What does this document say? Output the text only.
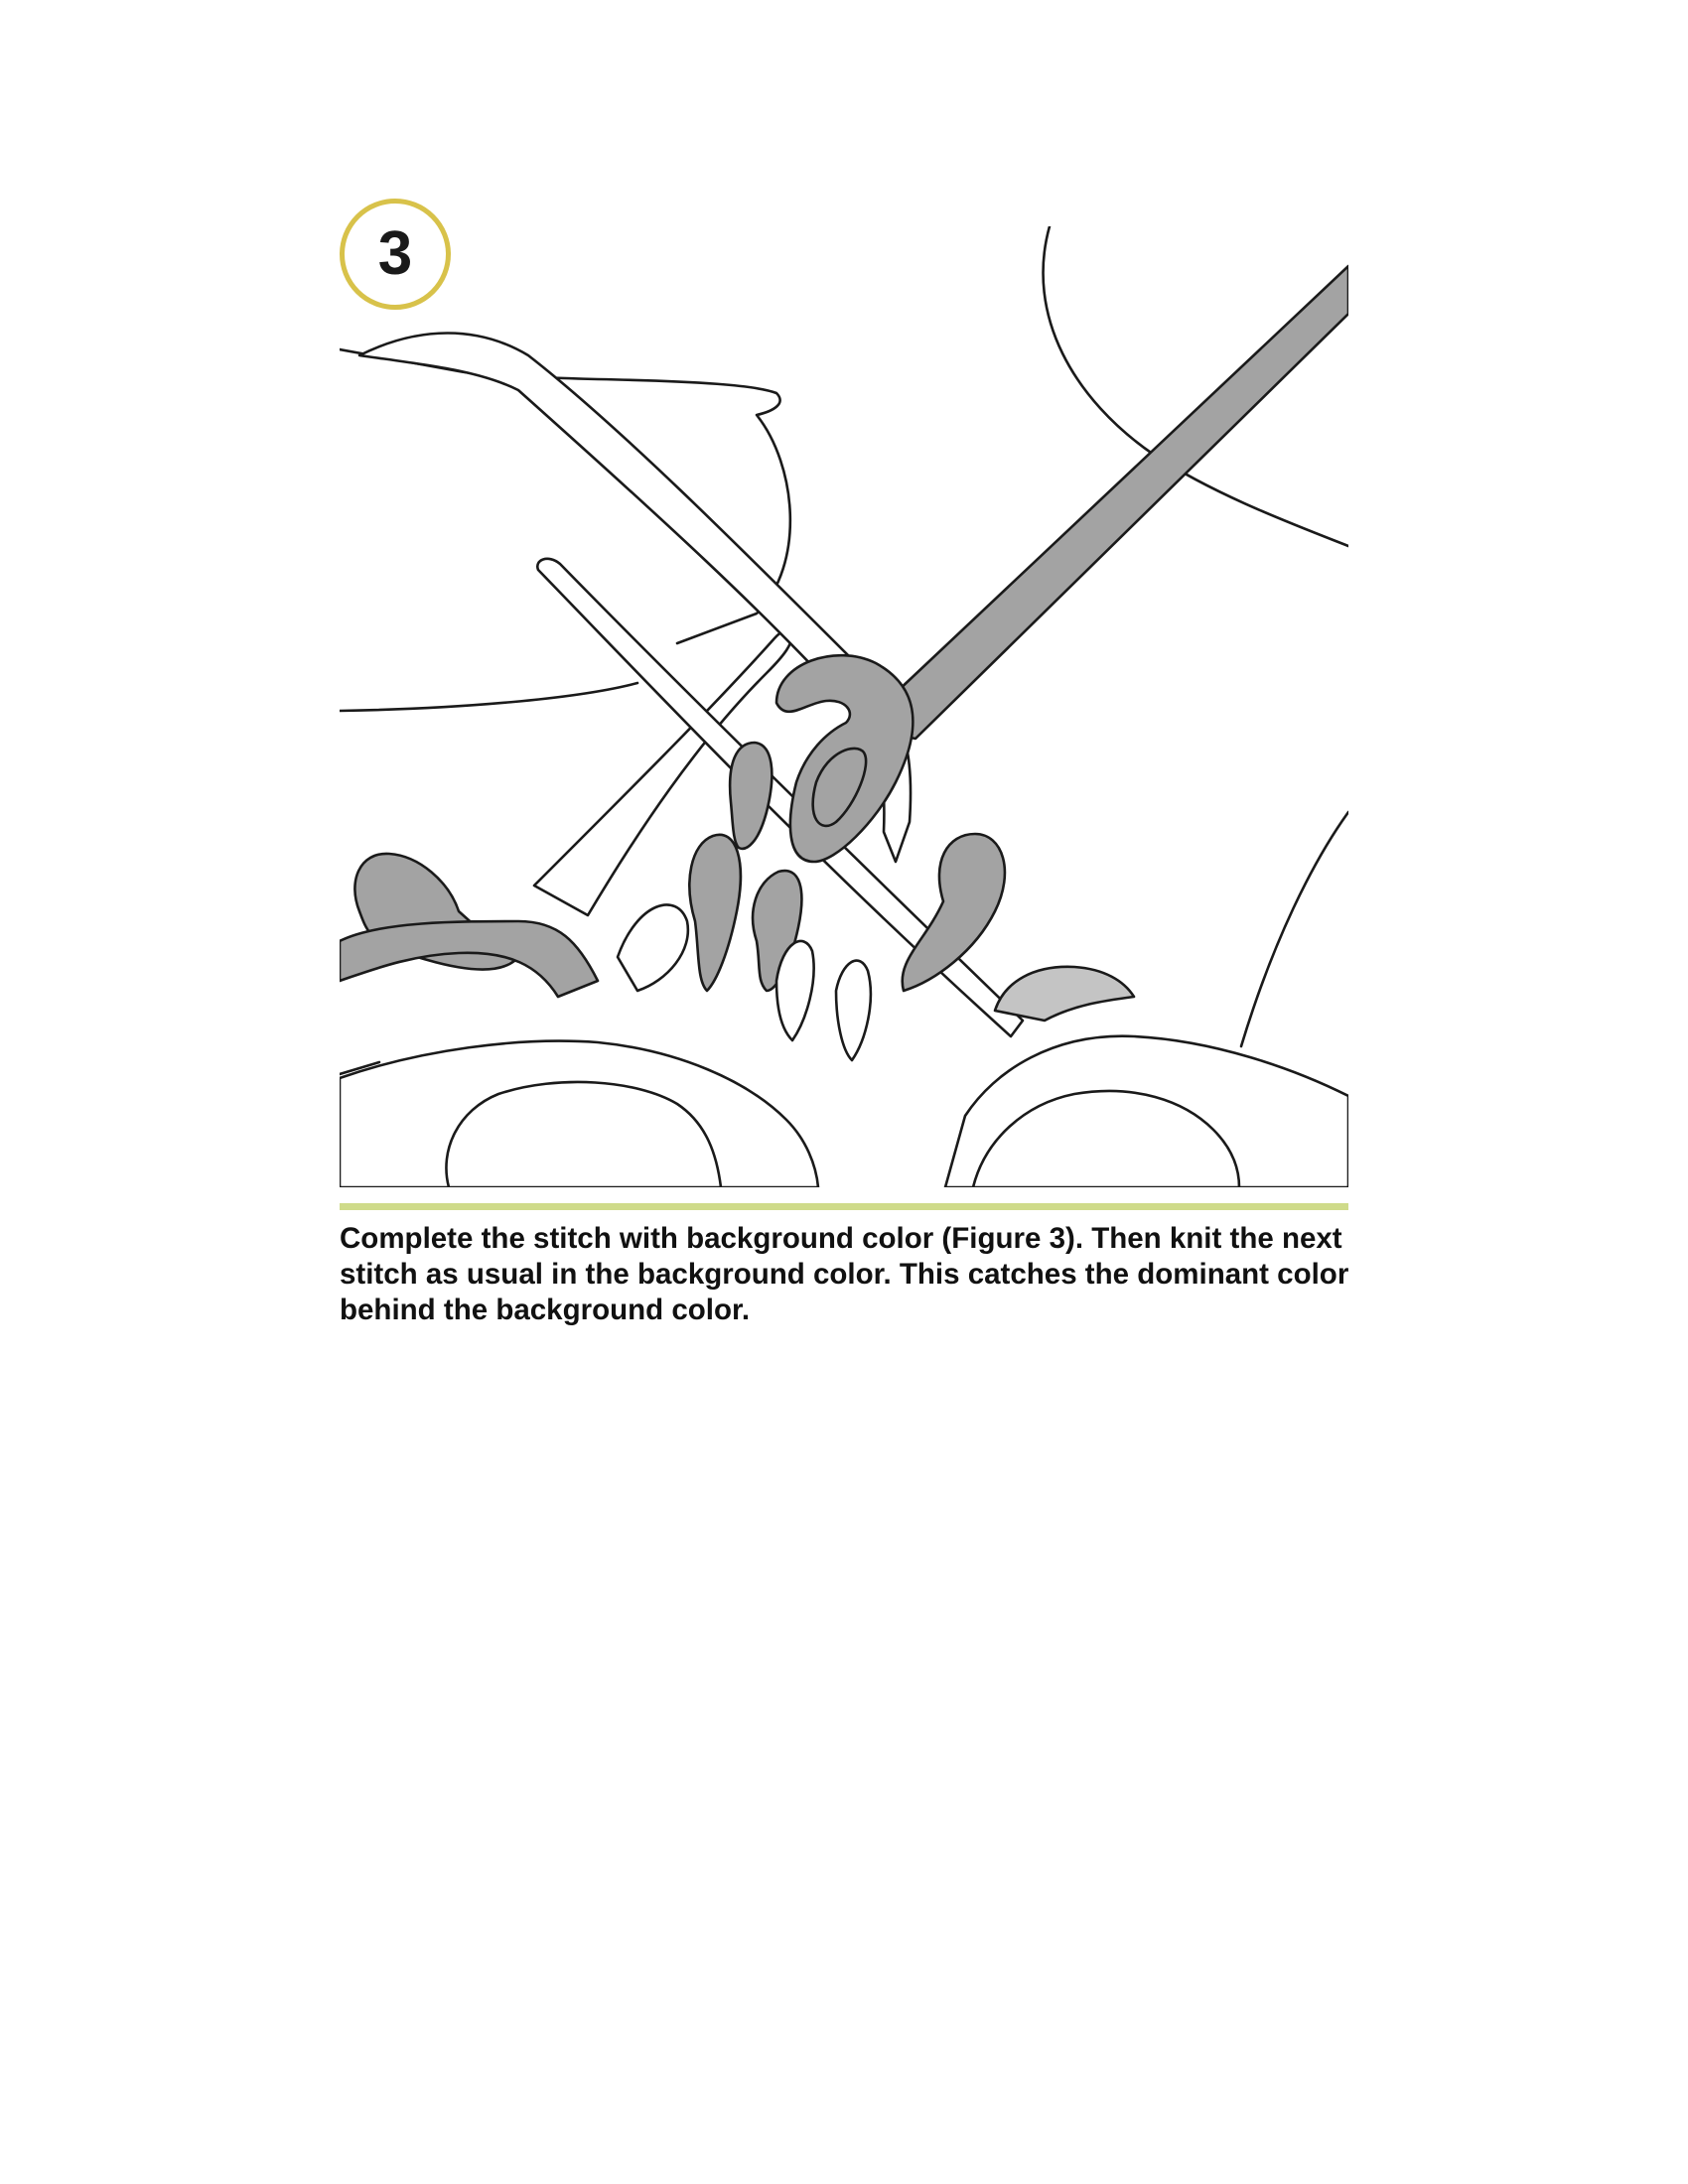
3

Complete the stitch with background color (Figure 3). Then knit the next stitch as usual in the background color. This catches the dominant color behind the background color.
